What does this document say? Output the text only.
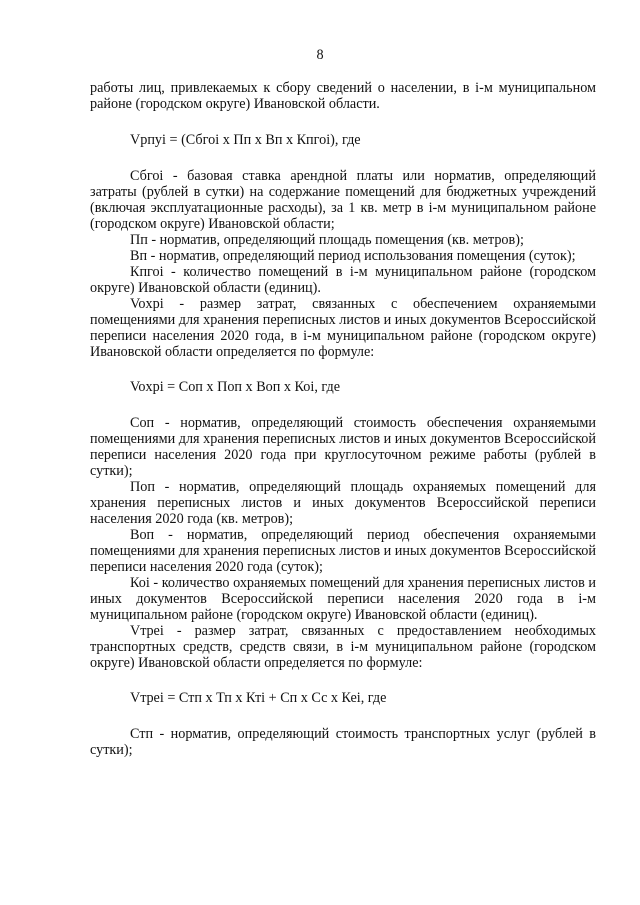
8

работы лиц, привлекаемых к сбору сведений о населении, в i-м муниципальном районе (городском округе) Ивановской области.

Vpпуi = (Сбгоi x Пп x Вп x Кпгоi), где

Сбгоi - базовая ставка арендной платы или норматив, определяющий затраты (рублей в сутки) на содержание помещений для бюджетных учреждений (включая эксплуатационные расходы), за 1 кв. метр в i-м муниципальном районе (городском округе) Ивановской области;

Пп - норматив, определяющий площадь помещения (кв. метров);

Вп - норматив, определяющий период использования помещения (суток);

Кпгоi - количество помещений в i-м муниципальном районе (городском округе) Ивановской области (единиц).

Voхpi - размер затрат, связанных с обеспечением охраняемыми помещениями для хранения переписных листов и иных документов Всероссийской переписи населения 2020 года, в i-м муниципальном районе (городском округе) Ивановской области определяется по формуле:

Voхpi = Соп x Поп x Воп x Коi, где

Соп - норматив, определяющий стоимость обеспечения охраняемыми помещениями для хранения переписных листов и иных документов Всероссийской переписи населения 2020 года при круглосуточном режиме работы (рублей в сутки);

Поп - норматив, определяющий площадь охраняемых помещений для хранения переписных листов и иных документов Всероссийской переписи населения 2020 года (кв. метров);

Воп - норматив, определяющий период обеспечения охраняемыми помещениями для хранения переписных листов и иных документов Всероссийской переписи населения 2020 года (суток);

Коi - количество охраняемых помещений для хранения переписных листов и иных документов Всероссийской переписи населения 2020 года в i-м муниципальном районе (городском округе) Ивановской области (единиц).

Vтpei - размер затрат, связанных с предоставлением необходимых транспортных средств, средств связи, в i-м муниципальном районе (городском округе) Ивановской области определяется по формуле:

Vтpei = Стп x Тп x Ктi + Сп x Сс x Кеi, где

Стп - норматив, определяющий стоимость транспортных услуг (рублей в сутки);
